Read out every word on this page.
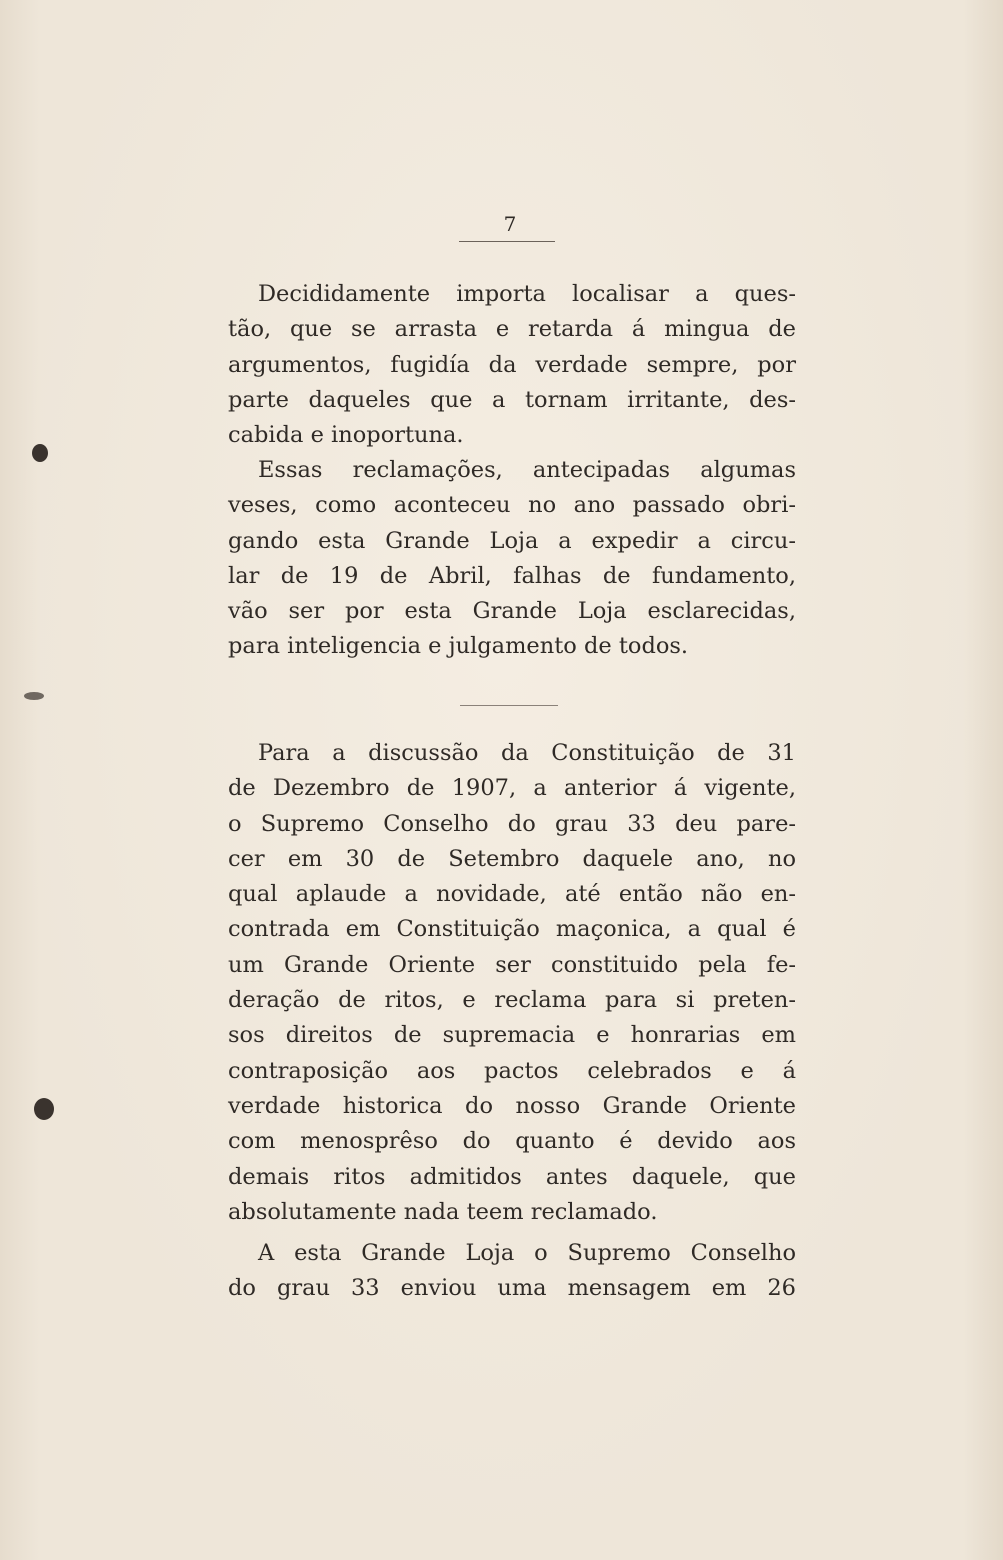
7

Decididamente importa localisar a ques-
tão, que se arrasta e retarda á mingua de
argumentos, fugidía da verdade sempre, por
parte daqueles que a tornam irritante, des-
cabida e inoportuna.

Essas reclamações, antecipadas algumas
veses, como aconteceu no ano passado obri-
gando esta Grande Loja a expedir a circu-
lar de 19 de Abril, falhas de fundamento,
vão ser por esta Grande Loja esclarecidas,
para inteligencia e julgamento de todos.

Para a discussão da Constituição de 31
de Dezembro de 1907, a anterior á vigente,
o Supremo Conselho do grau 33 deu pare-
cer em 30 de Setembro daquele ano, no
qual aplaude a novidade, até então não en-
contrada em Constituição maçonica, a qual é
um Grande Oriente ser constituido pela fe-
deração de ritos, e reclama para si preten-
sos direitos de supremacia e honrarias em
contraposição aos pactos celebrados e á
verdade historica do nosso Grande Oriente
com menosprêso do quanto é devido aos
demais ritos admitidos antes daquele, que
absolutamente nada teem reclamado.

A esta Grande Loja o Supremo Conselho
do grau 33 enviou uma mensagem em 26
